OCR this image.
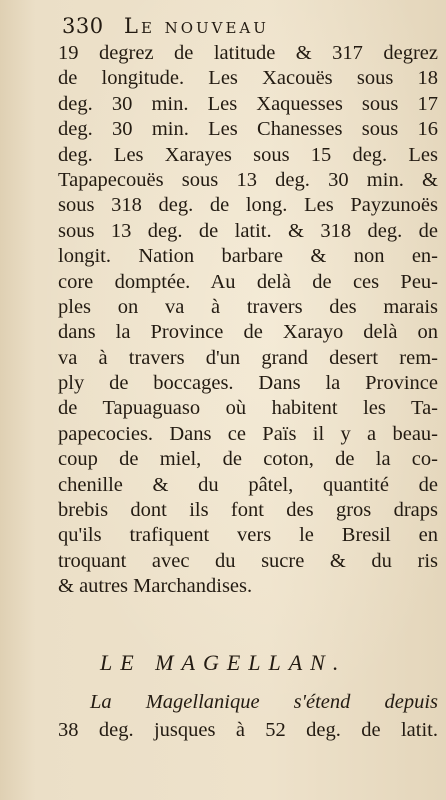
330 Le nouveau
19 degrez de latitude & 317 degrez
de longitude. Les Xacouës sous 18
deg. 30 min. Les Xaquesses sous 17
deg. 30 min. Les Chanesses sous 16
deg. Les Xarayes sous 15 deg. Les
Tapapecouës sous 13 deg. 30 min. &
sous 318 deg. de long. Les Payzunoës
sous 13 deg. de latit. & 318 deg. de
longit. Nation barbare & non en-
core domptée. Au delà de ces Peu-
ples on va à travers des marais
dans la Province de Xarayo delà on
va à travers d'un grand desert rem-
ply de boccages. Dans la Province
de Tapuaguaso où habitent les Ta-
papecocies. Dans ce Païs il y a beau-
coup de miel, de coton, de la co-
chenille & du pâtel, quantité de
brebis dont ils font des gros draps
qu'ils trafiquent vers le Bresil en
troquant avec du sucre & du ris
& autres Marchandises.
LE MAGELLAN.
La Magellanique s'étend depuis
38 deg. jusques à 52 deg. de latit.
